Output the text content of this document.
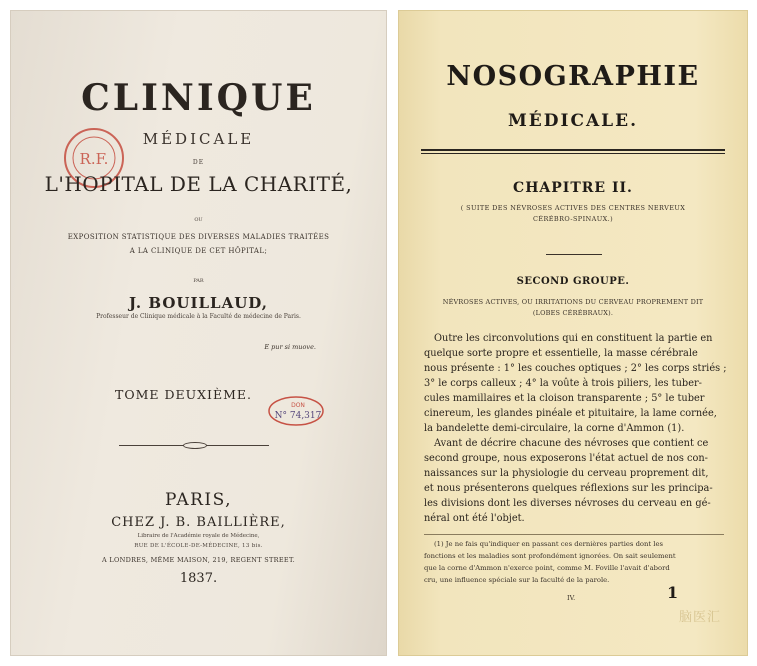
R.F.
CLINIQUE
MÉDICALE
DE
L'HOPITAL DE LA CHARITÉ,
OU
EXPOSITION STATISTIQUE DES DIVERSES MALADIES TRAITÉES
A LA CLINIQUE DE CET HÔPITAL;
PAR
J. BOUILLAUD,
Professeur de Clinique médicale à la Faculté de médecine de Paris.
E pur si muove.
TOME DEUXIÈME.
DON
N° 74,317
PARIS,
CHEZ J. B. BAILLIÈRE,
Libraire de l'Académie royale de Médecine,
RUE DE L'ÉCOLE-DE-MÉDECINE, 13 bis.
A LONDRES, MÊME MAISON, 219, REGENT STREET.
1837.
NOSOGRAPHIE
MÉDICALE.
CHAPITRE II.
( SUITE DES NÉVROSES ACTIVES DES CENTRES NERVEUX
CÉRÉBRO-SPINAUX.)
SECOND GROUPE.
NÉVROSES ACTIVES, OU IRRITATIONS DU CERVEAU PROPREMENT DIT
(LOBES CÉRÉBRAUX).
Outre les circonvolutions qui en constituent la partie en
quelque sorte propre et essentielle, la masse cérébrale
nous présente : 1° les couches optiques ; 2° les corps striés ;
3° le corps calleux ; 4° la voûte à trois piliers, les tuber-
cules mamillaires et la cloison transparente ; 5° le tuber
cinereum, les glandes pinéale et pituitaire, la lame cornée,
la bandelette demi-circulaire, la corne d'Ammon (1).
Avant de décrire chacune des névroses que contient ce
second groupe, nous exposerons l'état actuel de nos con-
naissances sur la physiologie du cerveau proprement dit,
et nous présenterons quelques réflexions sur les principa-
les divisions dont les diverses névroses du cerveau en gé-
néral ont été l'objet.
(1) Je ne fais qu'indiquer en passant ces dernières parties dont les
fonctions et les maladies sont profondément ignorées. On sait seulement
que la corne d'Ammon n'exerce point, comme M. Foville l'avait d'abord
cru, une influence spéciale sur la faculté de la parole.
IV.	1
脑医汇
